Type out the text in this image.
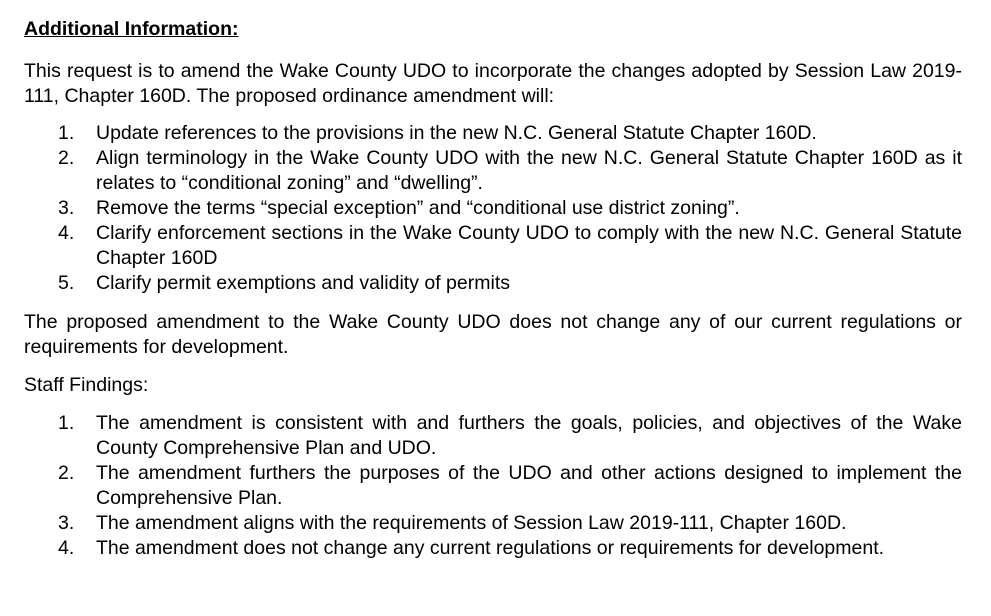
Additional Information:

This request is to amend the Wake County UDO to incorporate the changes adopted by Session Law 2019-111, Chapter 160D. The proposed ordinance amendment will:

1. Update references to the provisions in the new N.C. General Statute Chapter 160D.
2. Align terminology in the Wake County UDO with the new N.C. General Statute Chapter 160D as it relates to “conditional zoning” and “dwelling”.
3. Remove the terms “special exception” and “conditional use district zoning”.
4. Clarify enforcement sections in the Wake County UDO to comply with the new N.C. General Statute Chapter 160D
5. Clarify permit exemptions and validity of permits

The proposed amendment to the Wake County UDO does not change any of our current regulations or requirements for development.

Staff Findings:
1. The amendment is consistent with and furthers the goals, policies, and objectives of the Wake County Comprehensive Plan and UDO.
2. The amendment furthers the purposes of the UDO and other actions designed to implement the Comprehensive Plan.
3. The amendment aligns with the requirements of Session Law 2019-111, Chapter 160D.
4. The amendment does not change any current regulations or requirements for development.
